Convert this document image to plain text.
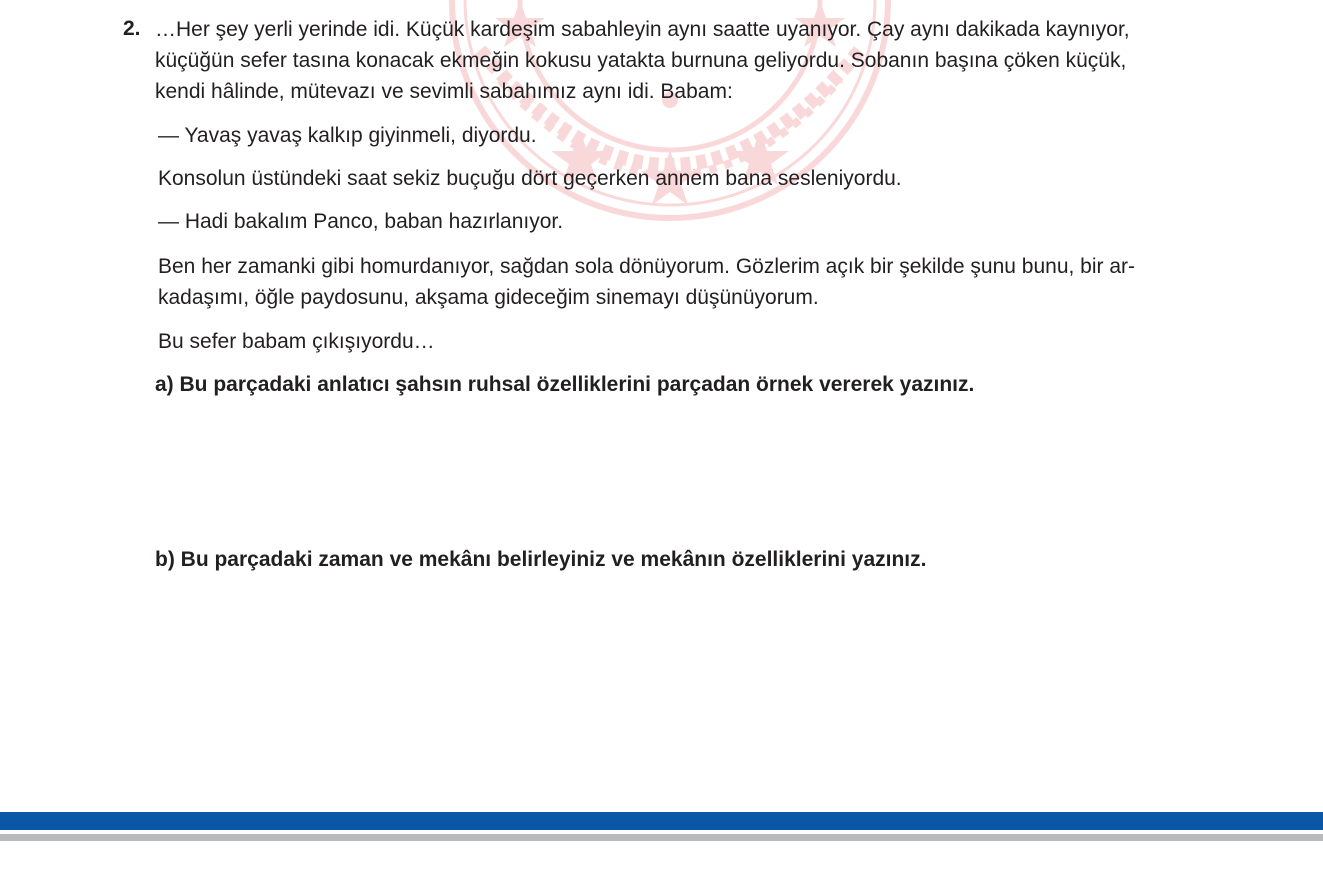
2. …Her şey yerli yerinde idi. Küçük kardeşim sabahleyin aynı saatte uyanıyor. Çay aynı dakikada kaynıyor,

küçüğün sefer tasına konacak ekmeğin kokusu yatakta burnuna geliyordu. Sobanın başına çöken küçük,

kendi hâlinde, mütevazı ve sevimli sabahımız aynı idi. Babam:

— Yavaş yavaş kalkıp giyinmeli, diyordu.

Konsolun üstündeki saat sekiz buçuğu dört geçerken annem bana sesleniyordu.

— Hadi bakalım Panco, baban hazırlanıyor.

Ben her zamanki gibi homurdanıyor, sağdan sola dönüyorum. Gözlerim açık bir şekilde şunu bunu, bir ar-

kadaşımı, öğle paydosunu, akşama gideceğim sinemayı düşünüyorum.

Bu sefer babam çıkışıyordu…

a) Bu parçadaki anlatıcı şahsın ruhsal özelliklerini parçadan örnek vererek yazınız.

b) Bu parçadaki zaman ve mekânı belirleyiniz ve mekânın özelliklerini yazınız.
